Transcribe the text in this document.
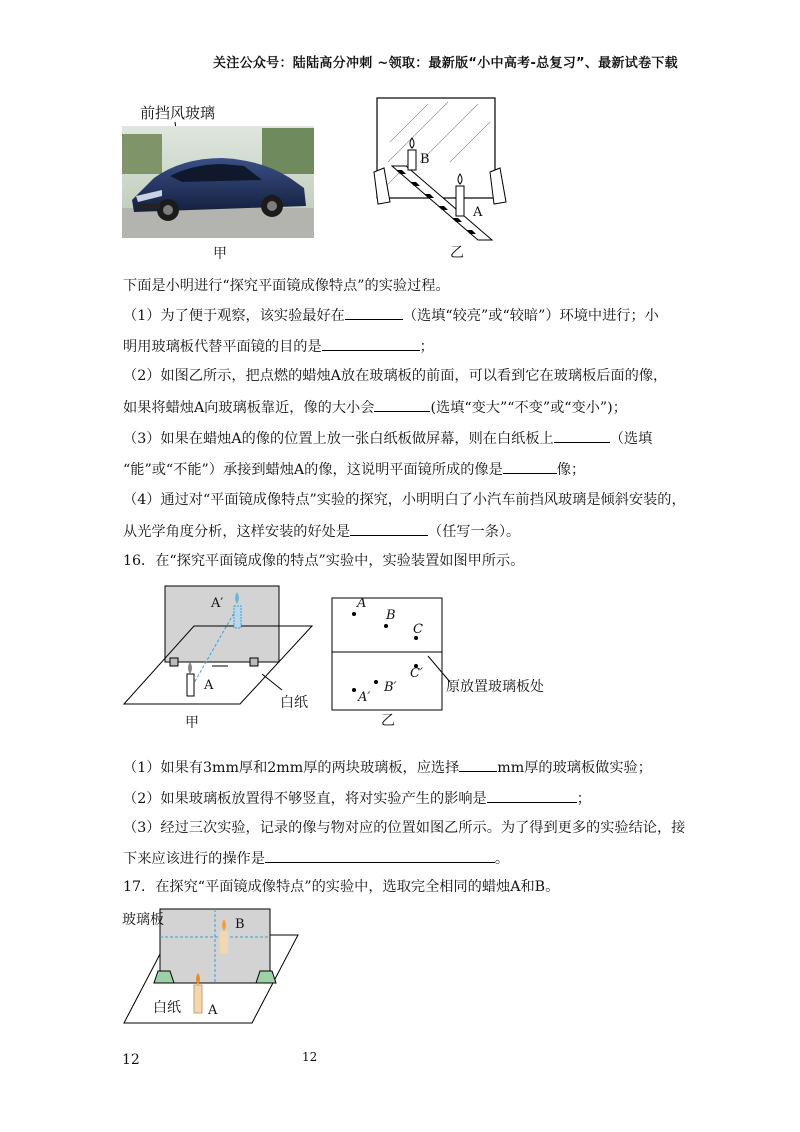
关注公众号：陆陆高分冲刺 ~领取：最新版“小中高考-总复习”、最新试卷下载
前挡风玻璃
甲
B
A
乙
下面是小明进行“探究平面镜成像特点”的实验过程。
（1）为了便于观察，该实验最好在	（选填“较亮”或“较暗”）环境中进行；小
明用玻璃板代替平面镜的目的是	；
（2）如图乙所示，把点燃的蜡烛A放在玻璃板的前面，可以看到它在玻璃板后面的像，
如果将蜡烛A向玻璃板靠近，像的大小会	(选填“变大”“不变”或“变小”)；
（3）如果在蜡烛A的像的位置上放一张白纸板做屏幕，则在白纸板上	（选填
“能”或“不能”）承接到蜡烛A的像，这说明平面镜所成的像是	像；
（4）通过对“平面镜成像特点”实验的探究，小明明白了小汽车前挡风玻璃是倾斜安装的，
从光学角度分析，这样安装的好处是	（任写一条）。
16．在“探究平面镜成像的特点”实验中，实验装置如图甲所示。
A′
A
白纸
甲
A
B
C
C′
B′
A′
原放置玻璃板处
乙
（1）如果有3mm厚和2mm厚的两块玻璃板，应选择	mm厚的玻璃板做实验；
（2）如果玻璃板放置得不够竖直，将对实验产生的影响是	；
（3）经过三次实验，记录的像与物对应的位置如图乙所示。为了得到更多的实验结论，接
下来应该进行的操作是	。
17．在探究“平面镜成像特点”的实验中，选取完全相同的蜡烛A和B。
玻璃板	B
白纸 A
12	12
